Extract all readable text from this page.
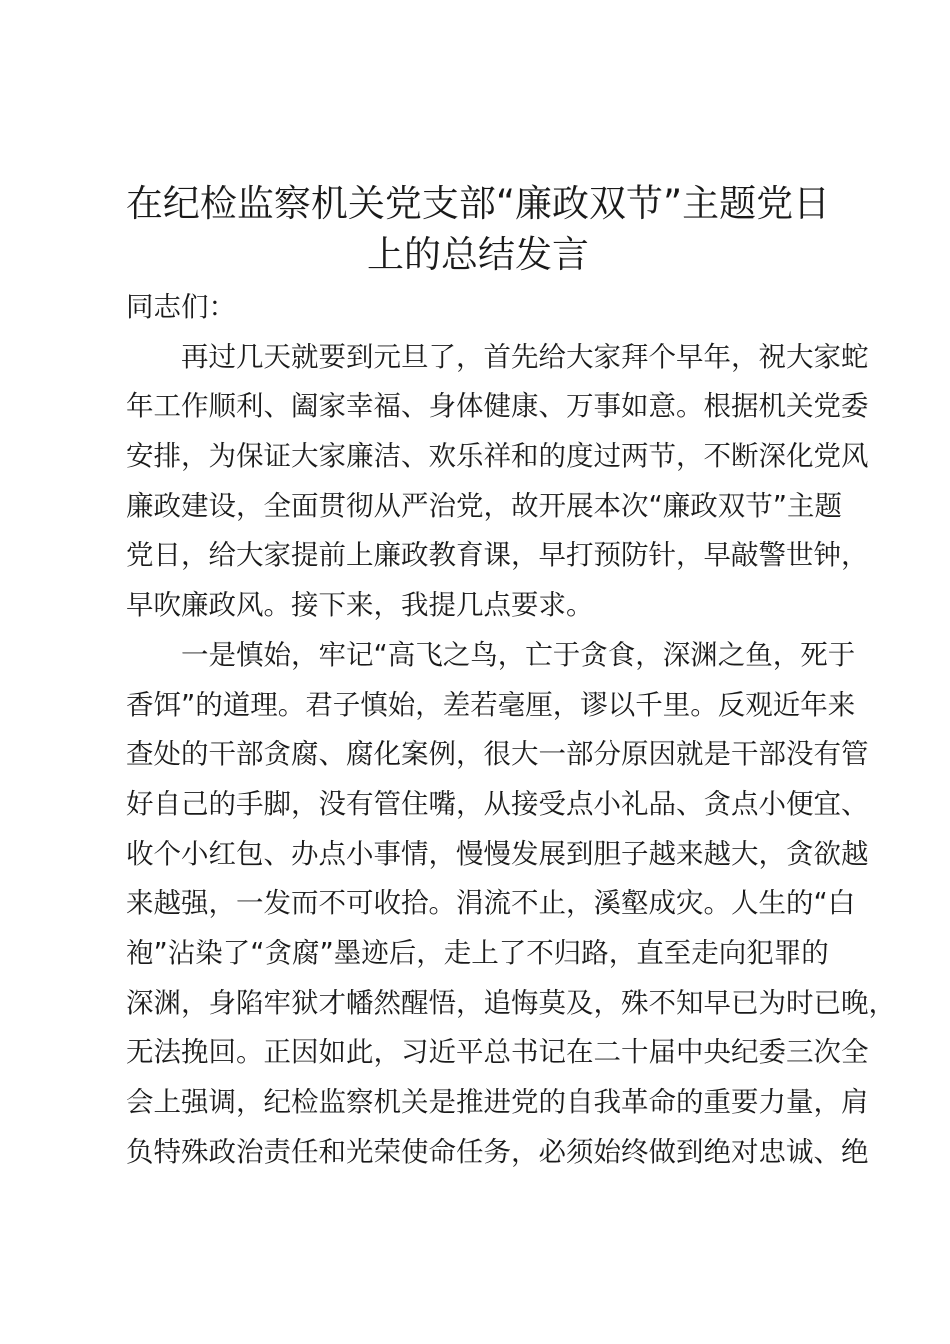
在纪检监察机关党支部“廉政双节”主题党日
上的总结发言
同志们：
再过几天就要到元旦了，首先给大家拜个早年，祝大家蛇
年工作顺利、阖家幸福、身体健康、万事如意。根据机关党委
安排，为保证大家廉洁、欢乐祥和的度过两节，不断深化党风
廉政建设，全面贯彻从严治党，故开展本次“廉政双节”主题
党日，给大家提前上廉政教育课，早打预防针，早敲警世钟，
早吹廉政风。接下来，我提几点要求。
一是慎始，牢记“高飞之鸟，亡于贪食，深渊之鱼，死于
香饵”的道理。君子慎始，差若毫厘，谬以千里。反观近年来
查处的干部贪腐、腐化案例，很大一部分原因就是干部没有管
好自己的手脚，没有管住嘴，从接受点小礼品、贪点小便宜、
收个小红包、办点小事情，慢慢发展到胆子越来越大，贪欲越
来越强，一发而不可收拾。涓流不止，溪壑成灾。人生的“白
袍”沾染了“贪腐”墨迹后，走上了不归路，直至走向犯罪的
深渊，身陷牢狱才幡然醒悟，追悔莫及，殊不知早已为时已晚，
无法挽回。正因如此，习近平总书记在二十届中央纪委三次全
会上强调，纪检监察机关是推进党的自我革命的重要力量，肩
负特殊政治责任和光荣使命任务，必须始终做到绝对忠诚、绝
